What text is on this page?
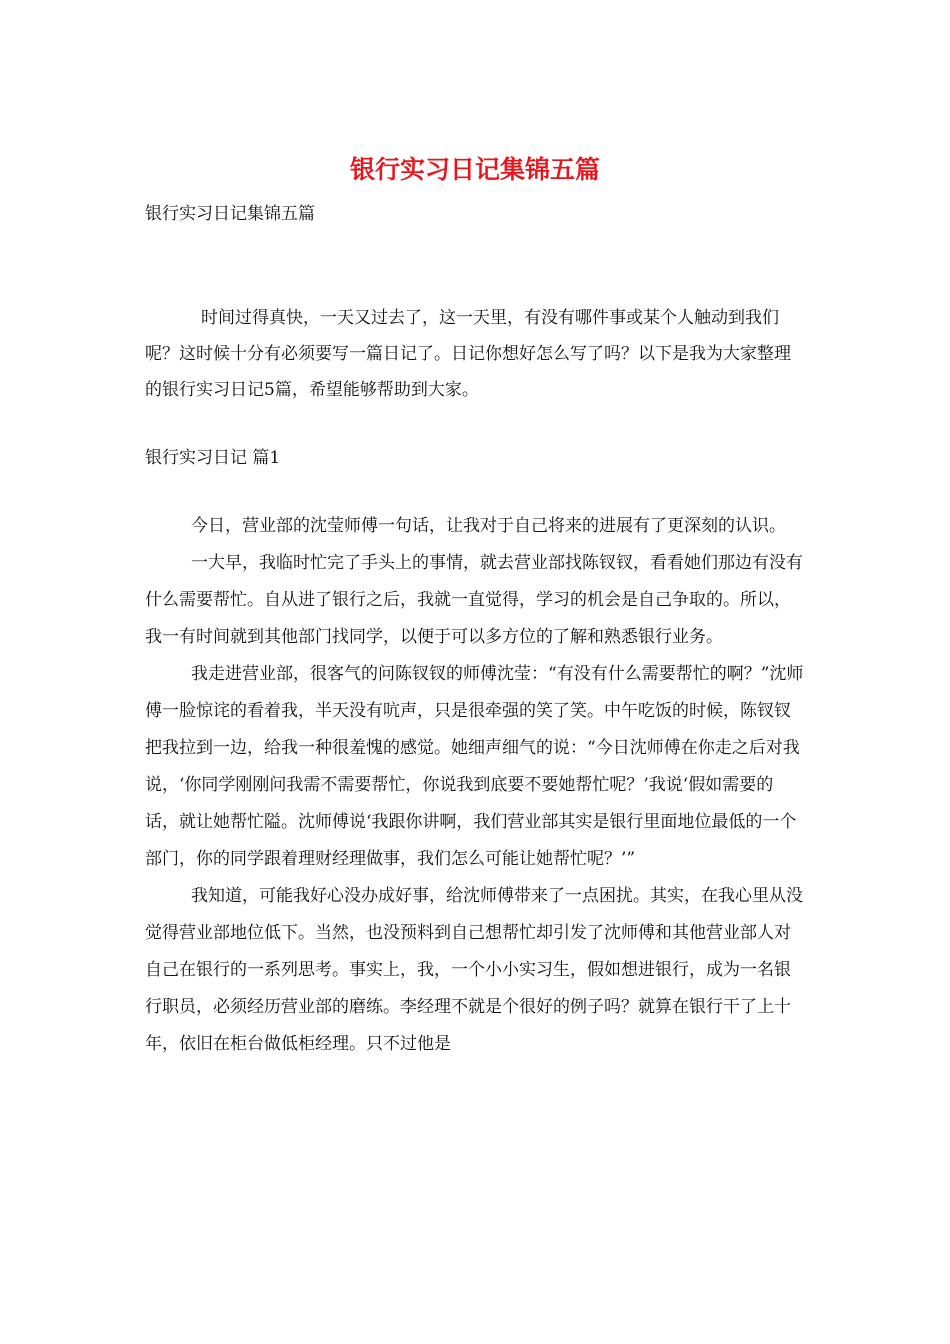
银行实习日记集锦五篇
银行实习日记集锦五篇

时间过得真快，一天又过去了，这一天里，有没有哪件事或某个人触动到我们呢？这时候十分有必须要写一篇日记了。日记你想好怎么写了吗？以下是我为大家整理的银行实习日记5篇，希望能够帮助到大家。

银行实习日记 篇1

今日，营业部的沈莹师傅一句话，让我对于自己将来的进展有了更深刻的认识。

一大早，我临时忙完了手头上的事情，就去营业部找陈钗钗，看看她们那边有没有什么需要帮忙。自从进了银行之后，我就一直觉得，学习的机会是自己争取的。所以，我一有时间就到其他部门找同学，以便于可以多方位的了解和熟悉银行业务。

我走进营业部，很客气的问陈钗钗的师傅沈莹：“有没有什么需要帮忙的啊？”沈师傅一脸惊诧的看着我，半天没有吭声，只是很牵强的笑了笑。中午吃饭的时候，陈钗钗把我拉到一边，给我一种很羞愧的感觉。她细声细气的说：“今日沈师傅在你走之后对我说，‘你同学刚刚问我需不需要帮忙，你说我到底要不要她帮忙呢？’我说‘假如需要的话，就让她帮忙隘。沈师傅说‘我跟你讲啊，我们营业部其实是银行里面地位最低的一个部门，你的同学跟着理财经理做事，我们怎么可能让她帮忙呢？’”

我知道，可能我好心没办成好事，给沈师傅带来了一点困扰。其实，在我心里从没觉得营业部地位低下。当然，也没预料到自己想帮忙却引发了沈师傅和其他营业部人对自己在银行的一系列思考。事实上，我，一个小小实习生，假如想进银行，成为一名银行职员，必须经历营业部的磨练。李经理不就是个很好的例子吗？就算在银行干了上十年，依旧在柜台做低柜经理。只不过他是
